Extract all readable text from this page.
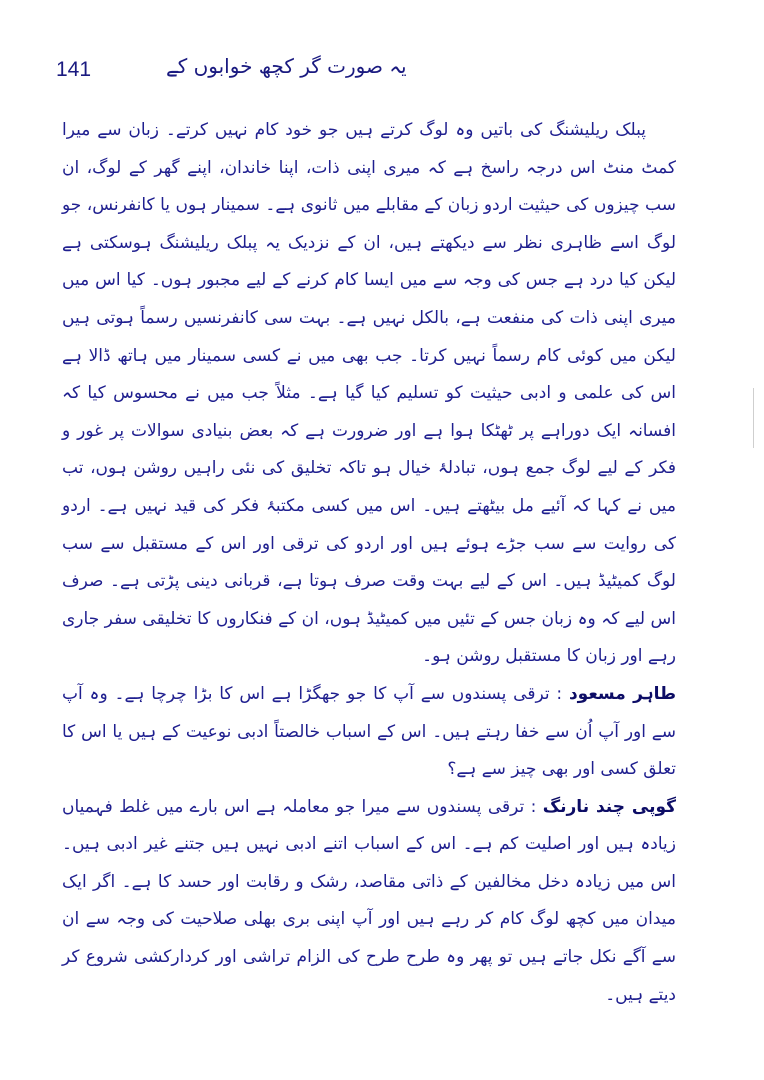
141	یہ صورت گر کچھ خوابوں کے

پبلک ریلیشنگ کی باتیں وہ لوگ کرتے ہیں جو خود کام نہیں کرتے۔ زبان سے میرا کمٹ منٹ اس درجہ راسخ ہے کہ میری اپنی ذات، اپنا خاندان، اپنے گھر کے لوگ، ان سب چیزوں کی حیثیت اردو زبان کے مقابلے میں ثانوی ہے۔ سمینار ہوں یا کانفرنس، جو لوگ اسے ظاہری نظر سے دیکھتے ہیں، ان کے نزدیک یہ پبلک ریلیشنگ ہوسکتی ہے لیکن کیا درد ہے جس کی وجہ سے میں ایسا کام کرنے کے لیے مجبور ہوں۔ کیا اس میں میری اپنی ذات کی منفعت ہے، بالکل نہیں ہے۔ بہت سی کانفرنسیں رسماً ہوتی ہیں لیکن میں کوئی کام رسماً نہیں کرتا۔ جب بھی میں نے کسی سمینار میں ہاتھ ڈالا ہے اس کی علمی و ادبی حیثیت کو تسلیم کیا گیا ہے۔ مثلاً جب میں نے محسوس کیا کہ افسانہ ایک دوراہے پر ٹھٹکا ہوا ہے اور ضرورت ہے کہ بعض بنیادی سوالات پر غور و فکر کے لیے لوگ جمع ہوں، تبادلۂ خیال ہو تاکہ تخلیق کی نئی راہیں روشن ہوں، تب میں نے کہا کہ آئیے مل بیٹھتے ہیں۔ اس میں کسی مکتبۂ فکر کی قید نہیں ہے۔ اردو کی روایت سے سب جڑے ہوئے ہیں اور اردو کی ترقی اور اس کے مستقبل سے سب لوگ کمیٹیڈ ہیں۔ اس کے لیے بہت وقت صرف ہوتا ہے، قربانی دینی پڑتی ہے۔ صرف اس لیے کہ وہ زبان جس کے تئیں میں کمیٹیڈ ہوں، ان کے فنکاروں کا تخلیقی سفر جاری رہے اور زبان کا مستقبل روشن ہو۔

طاہر مسعود : ترقی پسندوں سے آپ کا جو جھگڑا ہے اس کا بڑا چرچا ہے۔ وہ آپ سے اور آپ اُن سے خفا رہتے ہیں۔ اس کے اسباب خالصتاً ادبی نوعیت کے ہیں یا اس کا تعلق کسی اور بھی چیز سے ہے؟

گوپی چند نارنگ : ترقی پسندوں سے میرا جو معاملہ ہے اس بارے میں غلط فہمیاں زیادہ ہیں اور اصلیت کم ہے۔ اس کے اسباب اتنے ادبی نہیں ہیں جتنے غیر ادبی ہیں۔ اس میں زیادہ دخل مخالفین کے ذاتی مقاصد، رشک و رقابت اور حسد کا ہے۔ اگر ایک میدان میں کچھ لوگ کام کر رہے ہیں اور آپ اپنی بری بھلی صلاحیت کی وجہ سے ان سے آگے نکل جاتے ہیں تو پھر وہ طرح طرح کی الزام تراشی اور کردارکشی شروع کر دیتے ہیں۔
